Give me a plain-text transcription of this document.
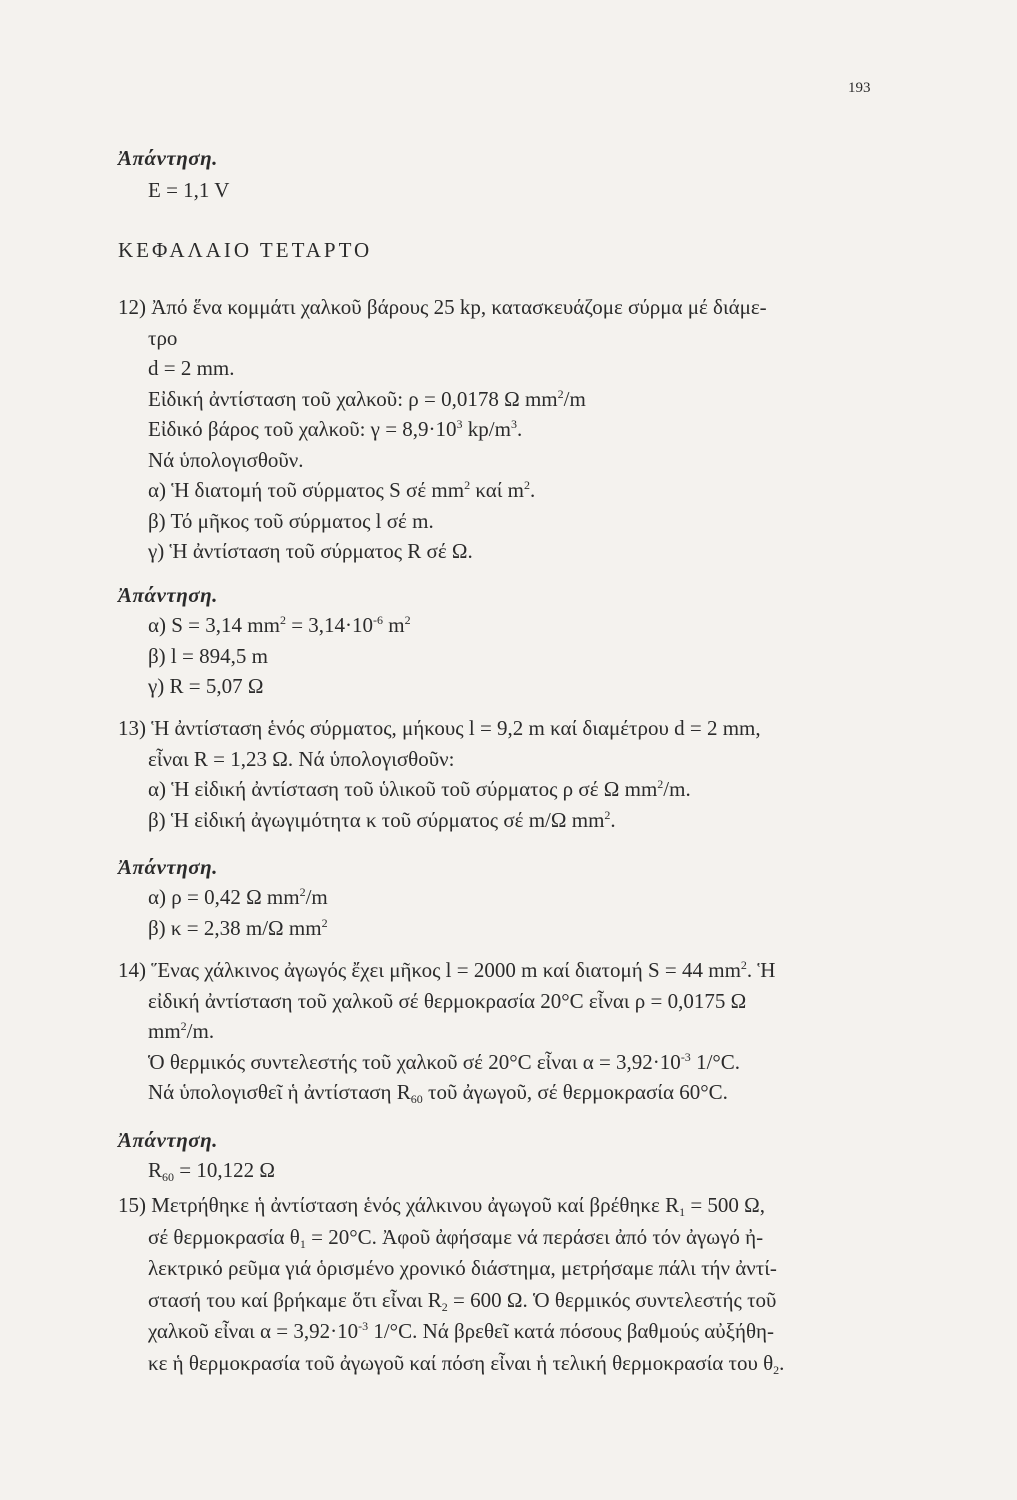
193
Ἀπάντηση.
E = 1,1 V
ΚΕΦΑΛΑΙΟ ΤΕΤΑΡΤΟ
12) Ἀπό ἕνα κομμάτι χαλκοῦ βάρους 25 kp, κατασκευάζομε σύρμα μέ διάμε-
τρο
d = 2 mm.
Εἰδική ἀντίσταση τοῦ χαλκοῦ: ρ = 0,0178 Ω $mm^2/m$
Εἰδικό βάρος τοῦ χαλκοῦ: $\gamma = 8,9\cdot 10^3$ $kp/m^3$.
Νά ὑπολογισθοῦν.
α) Ἡ διατομή τοῦ σύρματος S σέ $mm^2$ καί $m^2$.
β) Τό μῆκος τοῦ σύρματος l σέ m.
γ) Ἡ ἀντίσταση τοῦ σύρματος R σέ Ω.
Ἀπάντηση.
α) S = 3,14 $mm^2 = 3,14\cdot 10^{-6}$ $m^2$
β) l = 894,5 m
γ) R = 5,07 Ω
13) Ἡ ἀντίσταση ἑνός σύρματος, μήκους l = 9,2 m καί διαμέτρου d = 2 mm,
εἶναι R = 1,23 Ω. Νά ὑπολογισθοῦν:
α) Ἡ εἰδική ἀντίσταση τοῦ ὑλικοῦ τοῦ σύρματος ρ σέ Ω $mm^2/m$.
β) Ἡ εἰδική ἀγωγιμότητα κ τοῦ σύρματος σέ m/Ω $mm^2$.
Ἀπάντηση.
α) ρ = 0,42 Ω $mm^2/m$
β) κ = 2,38 m/Ω $mm^2$
14) Ἕνας χάλκινος ἀγωγός ἔχει μῆκος l = 2000 m καί διατομή S = 44 $mm^2$. Ἡ
εἰδική ἀντίσταση τοῦ χαλκοῦ σέ θερμοκρασία 20°C εἶναι ρ = 0,0175 Ω
$mm^2/m$.
Ὁ θερμικός συντελεστής τοῦ χαλκοῦ σέ 20°C εἶναι $\alpha = 3,92\cdot 10^{-3}$ 1/°C.
Νά ὑπολογισθεῖ ἡ ἀντίσταση $R_{60}$ τοῦ ἀγωγοῦ, σέ θερμοκρασία 60°C.
Ἀπάντηση.
$R_{60} = 10,122$ Ω
15) Μετρήθηκε ἡ ἀντίσταση ἑνός χάλκινου ἀγωγοῦ καί βρέθηκε $R_1 = 500$ Ω,
σέ θερμοκρασία $\theta_1 = 20^\circ C$. Ἀφοῦ ἀφήσαμε νά περάσει ἀπό τόν ἀγωγό ἠ-
λεκτρικό ρεῦμα γιά ὁρισμένο χρονικό διάστημα, μετρήσαμε πάλι τήν ἀντί-
στασή του καί βρήκαμε ὅτι εἶναι $R_2 = 600$ Ω. Ὁ θερμικός συντελεστής τοῦ
χαλκοῦ εἶναι $\alpha = 3,92\cdot 10^{-3}$ 1/°C. Νά βρεθεῖ κατά πόσους βαθμούς αὐξήθη-
κε ἡ θερμοκρασία τοῦ ἀγωγοῦ καί πόση εἶναι ἡ τελική θερμοκρασία του $\theta_2$.
